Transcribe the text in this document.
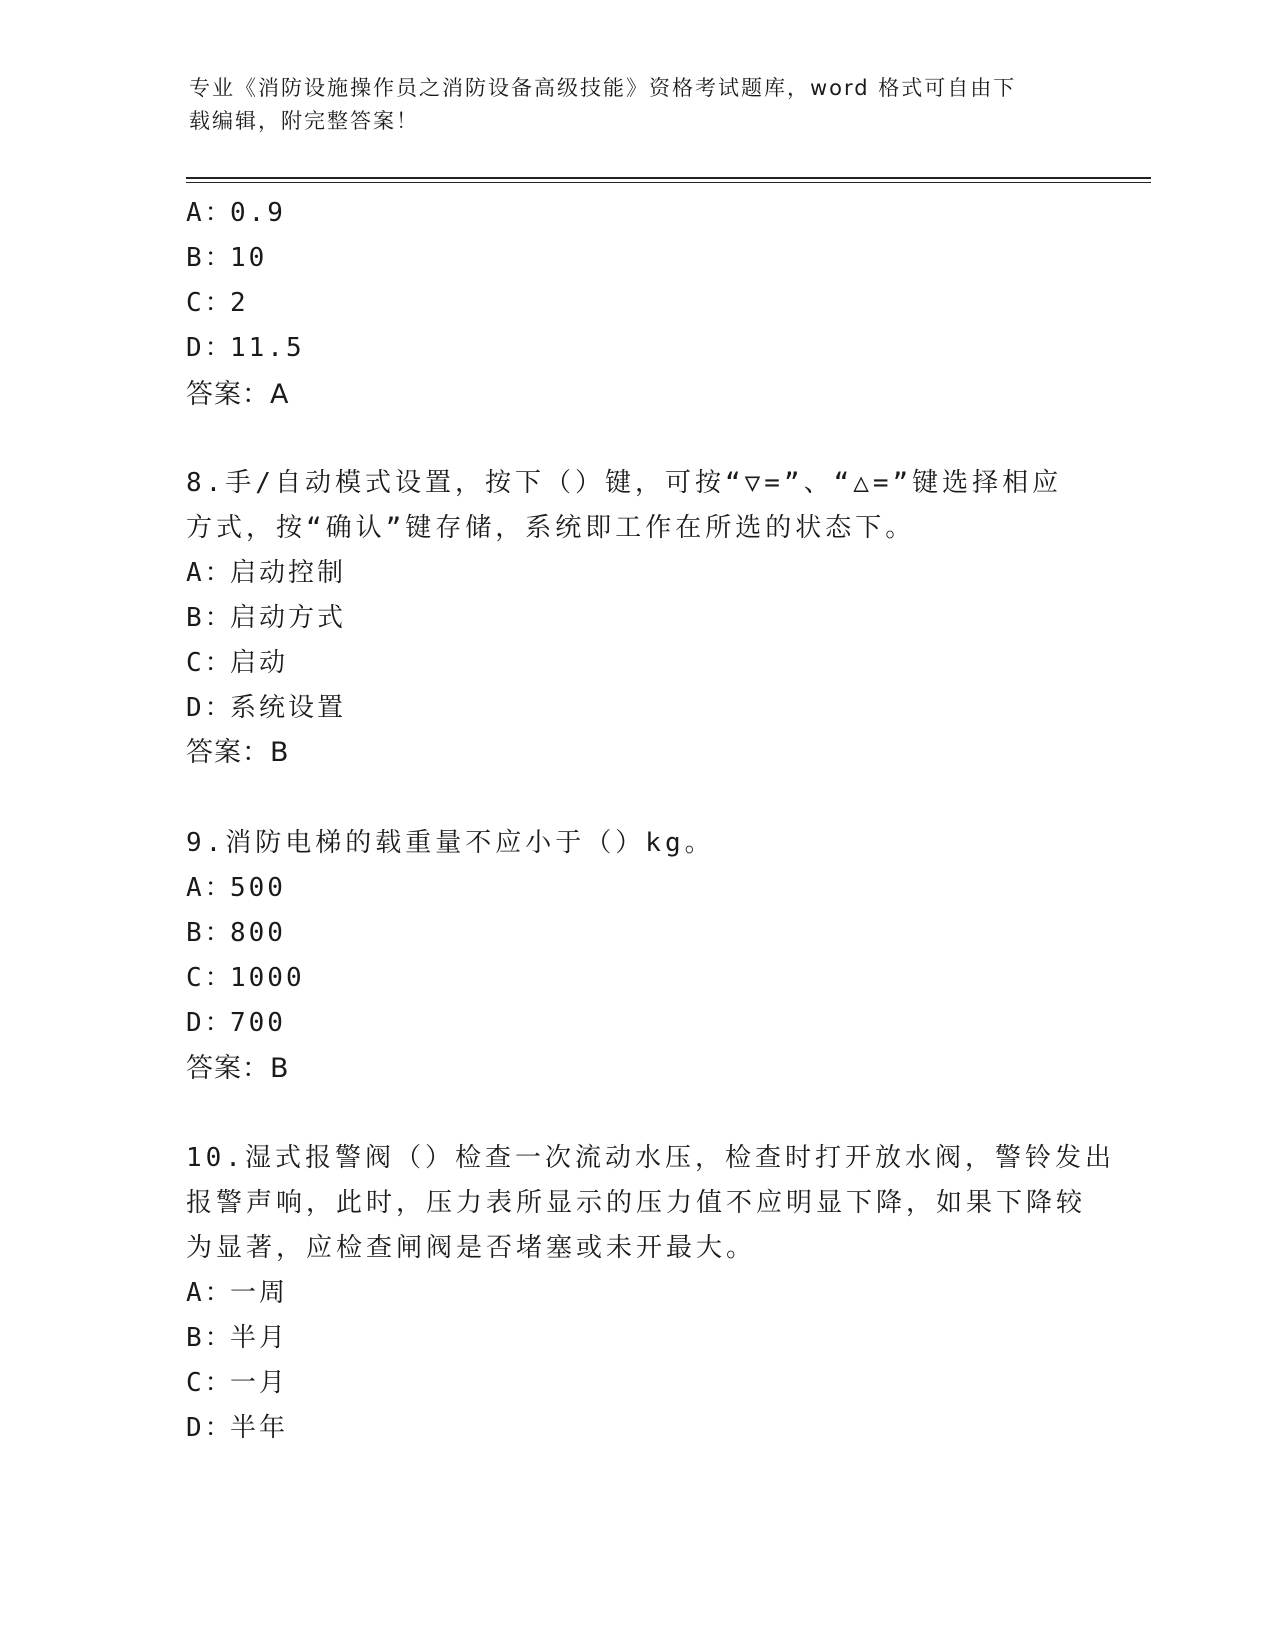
专业《消防设施操作员之消防设备高级技能》资格考试题库，word 格式可自由下
载编辑，附完整答案！
A：0.9
B：10
C：2
D：11.5
答案：A
8.手/自动模式设置，按下（）键，可按“▽=”、“△=”键选择相应
方式，按“确认”键存储，系统即工作在所选的状态下。
A：启动控制
B：启动方式
C：启动
D：系统设置
答案：B
9.消防电梯的载重量不应小于（）kg。
A：500
B：800
C：1000
D：700
答案：B
10.湿式报警阀（）检查一次流动水压，检查时打开放水阀，警铃发出
报警声响，此时，压力表所显示的压力值不应明显下降，如果下降较
为显著，应检查闸阀是否堵塞或未开最大。
A：一周
B：半月
C：一月
D：半年
